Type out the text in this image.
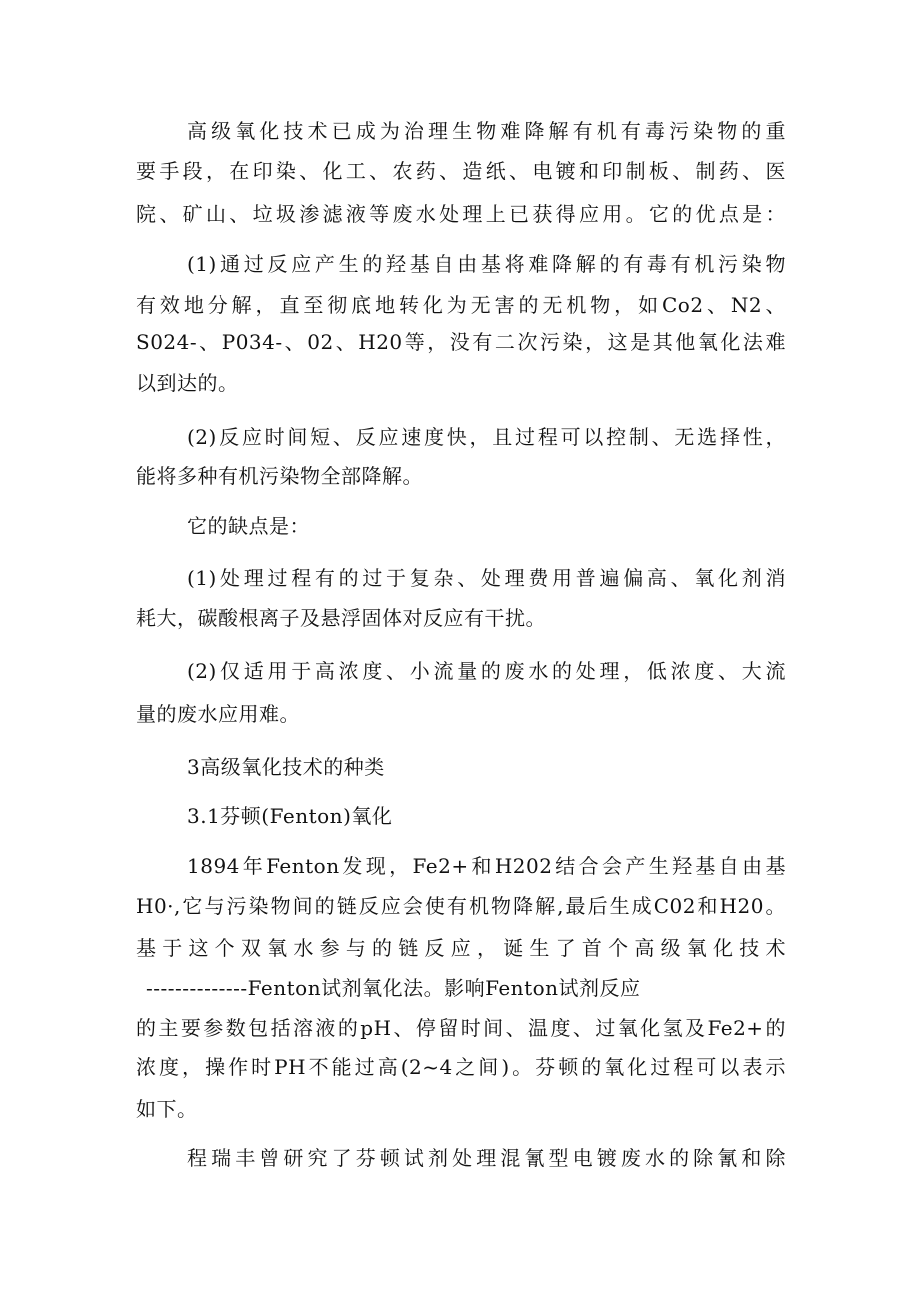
高级氧化技术已成为治理生物难降解有机有毒污染物的重
要手段，在印染、化工、农药、造纸、电镀和印制板、制药、医
院、矿山、垃圾渗滤液等废水处理上已获得应用。它的优点是：
(1)通过反应产生的羟基自由基将难降解的有毒有机污染物
有效地分解，直至彻底地转化为无害的无机物，如Co2、N2、
S024-、P034-、02、H20等，没有二次污染，这是其他氧化法难
以到达的。
(2)反应时间短、反应速度快，且过程可以控制、无选择性，
能将多种有机污染物全部降解。
它的缺点是：
(1)处理过程有的过于复杂、处理费用普遍偏高、氧化剂消
耗大，碳酸根离子及悬浮固体对反应有干扰。
(2)仅适用于高浓度、小流量的废水的处理，低浓度、大流
量的废水应用难。
3高级氧化技术的种类
3.1芬顿(Fenton)氧化
1894年Fenton发现，Fe2+和H202结合会产生羟基自由基
H0·,它与污染物间的链反应会使有机物降解,最后生成C02和H20。
基于这个双氧水参与的链反应，诞生了首个高级氧化技术
--------------Fenton试剂氧化法。影响Fenton试剂反应
的主要参数包括溶液的pH、停留时间、温度、过氧化氢及Fe2+的
浓度，操作时PH不能过高(2~4之间)。芬顿的氧化过程可以表示
如下。
程瑞丰曾研究了芬顿试剂处理混氰型电镀废水的除氰和除
